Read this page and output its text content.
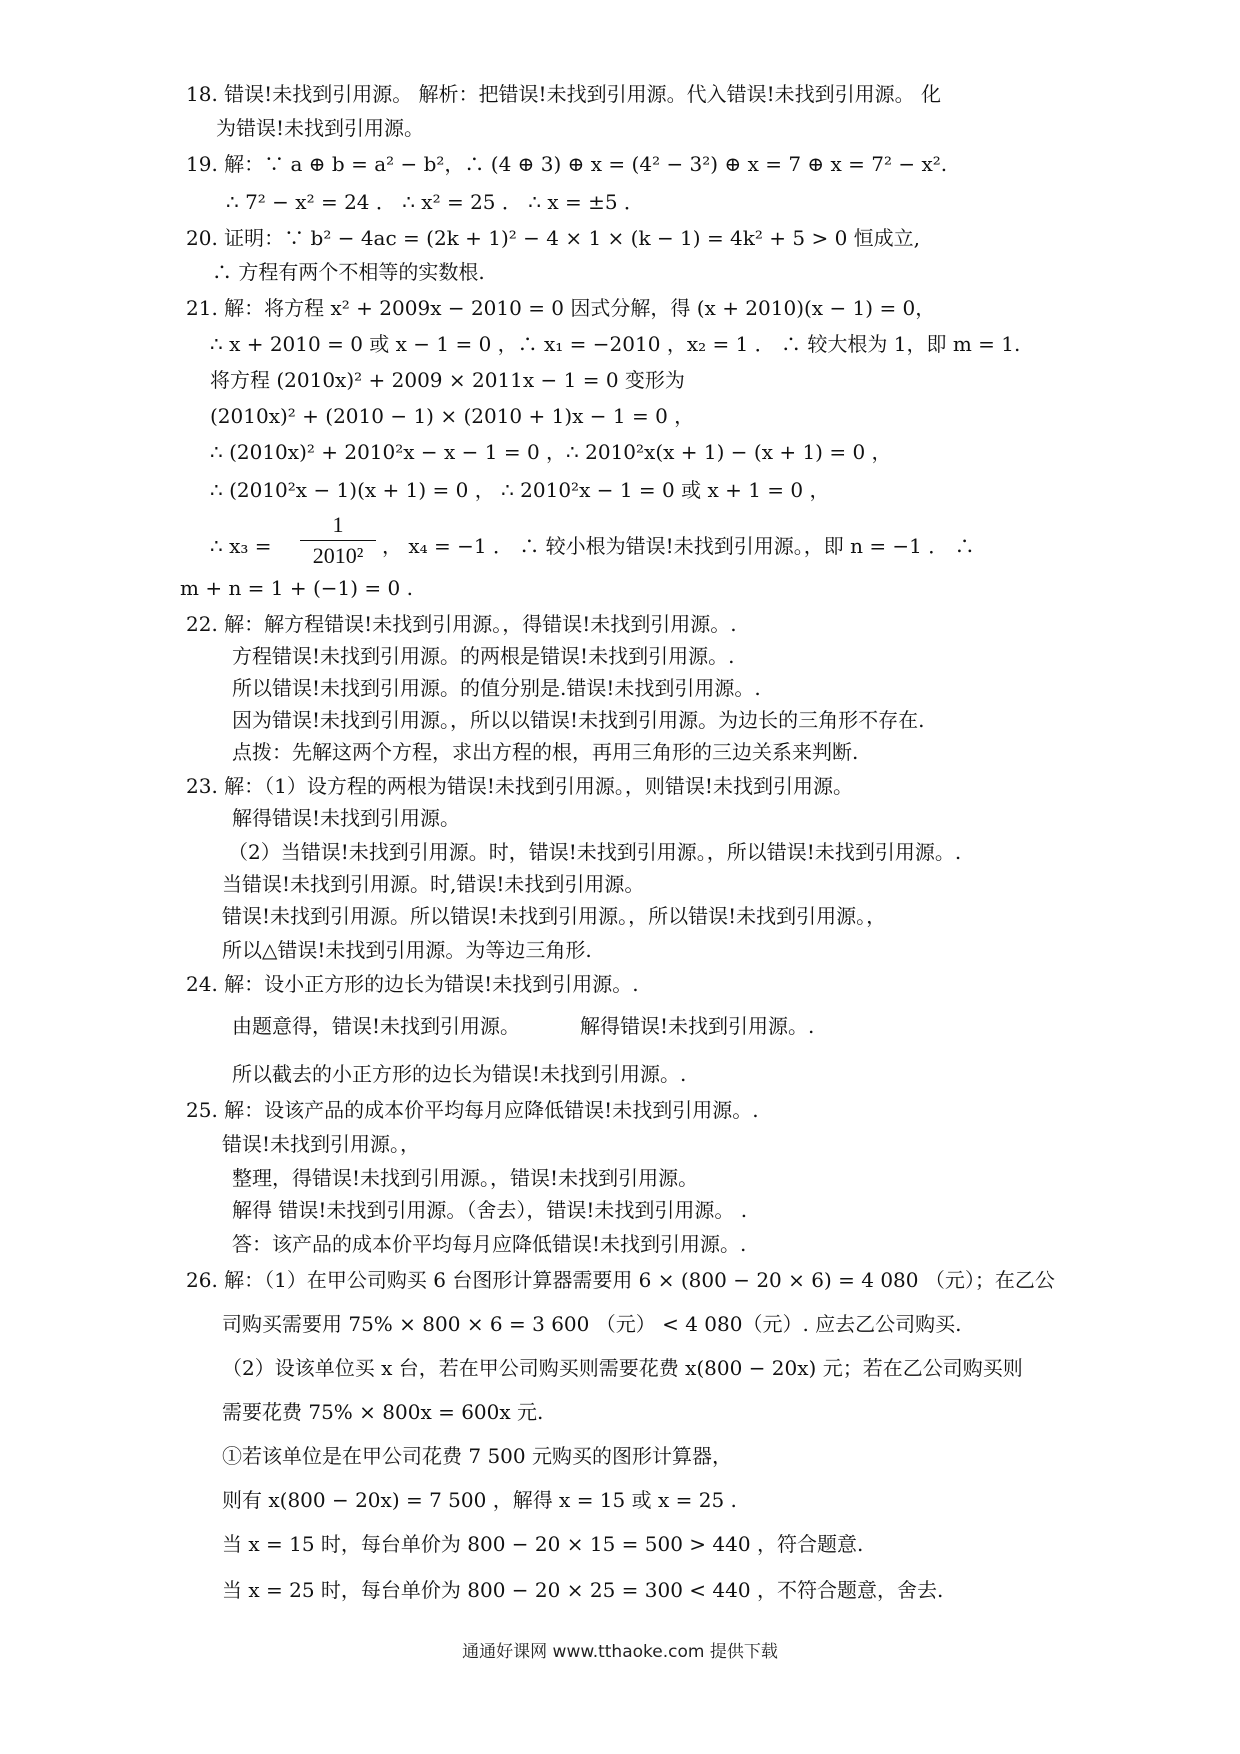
18. 错误!未找到引用源。 解析：把错误!未找到引用源。代入错误!未找到引用源。 化
为错误!未找到引用源。
19. 解：∵ a ⊕ b = a² − b²，∴ (4 ⊕ 3) ⊕ x = (4² − 3²) ⊕ x = 7 ⊕ x = 7² − x².
∴ 7² − x² = 24 ． ∴ x² = 25 ． ∴ x = ±5 ．
20. 证明：∵ b² − 4ac = (2k + 1)² − 4 × 1 × (k − 1) = 4k² + 5 > 0 恒成立,
∴ 方程有两个不相等的实数根.
21. 解：将方程 x² + 2009x − 2010 = 0 因式分解，得 (x + 2010)(x − 1) = 0，
∴ x + 2010 = 0 或 x − 1 = 0 ，∴ x₁ = −2010 ，x₂ = 1 ． ∴ 较大根为 1，即 m = 1.
将方程 (2010x)² + 2009 × 2011x − 1 = 0 变形为
(2010x)² + (2010 − 1) × (2010 + 1)x − 1 = 0 ，
∴ (2010x)² + 2010²x − x − 1 = 0 ，∴ 2010²x(x + 1) − (x + 1) = 0 ，
∴ (2010²x − 1)(x + 1) = 0 ， ∴ 2010²x − 1 = 0 或 x + 1 = 0 ，
∴ x₃ =
1
2010² ， x₄ = −1 ． ∴ 较小根为错误!未找到引用源。，即 n = −1 ． ∴
m + n = 1 + (−1) = 0 .
22. 解：解方程错误!未找到引用源。，得错误!未找到引用源。.
方程错误!未找到引用源。的两根是错误!未找到引用源。.
所以错误!未找到引用源。的值分别是.错误!未找到引用源。.
因为错误!未找到引用源。，所以以错误!未找到引用源。为边长的三角形不存在.
点拨：先解这两个方程，求出方程的根，再用三角形的三边关系来判断.
23. 解：（1）设方程的两根为错误!未找到引用源。，则错误!未找到引用源。
解得错误!未找到引用源。
（2）当错误!未找到引用源。时，错误!未找到引用源。，所以错误!未找到引用源。.
当错误!未找到引用源。时,错误!未找到引用源。
错误!未找到引用源。所以错误!未找到引用源。，所以错误!未找到引用源。，
所以△错误!未找到引用源。为等边三角形.
24. 解：设小正方形的边长为错误!未找到引用源。.
由题意得，错误!未找到引用源。	解得错误!未找到引用源。.
所以截去的小正方形的边长为错误!未找到引用源。.
25. 解：设该产品的成本价平均每月应降低错误!未找到引用源。.
错误!未找到引用源。，
整理，得错误!未找到引用源。，错误!未找到引用源。
解得 错误!未找到引用源。（舍去），错误!未找到引用源。 .
答：该产品的成本价平均每月应降低错误!未找到引用源。.
26. 解：（1）在甲公司购买 6 台图形计算器需要用 6 × (800 − 20 × 6) = 4 080 （元）；在乙公
司购买需要用 75% × 800 × 6 = 3 600 （元） < 4 080（元）. 应去乙公司购买.
（2）设该单位买 x 台，若在甲公司购买则需要花费 x(800 − 20x) 元；若在乙公司购买则
需要花费 75% × 800x = 600x 元.
①若该单位是在甲公司花费 7 500 元购买的图形计算器，
则有 x(800 − 20x) = 7 500 ，解得 x = 15 或 x = 25 .
当 x = 15 时，每台单价为 800 − 20 × 15 = 500 > 440 ，符合题意.
当 x = 25 时，每台单价为 800 − 20 × 25 = 300 < 440 ，不符合题意，舍去.
通通好课网 www.tthaoke.com 提供下载
